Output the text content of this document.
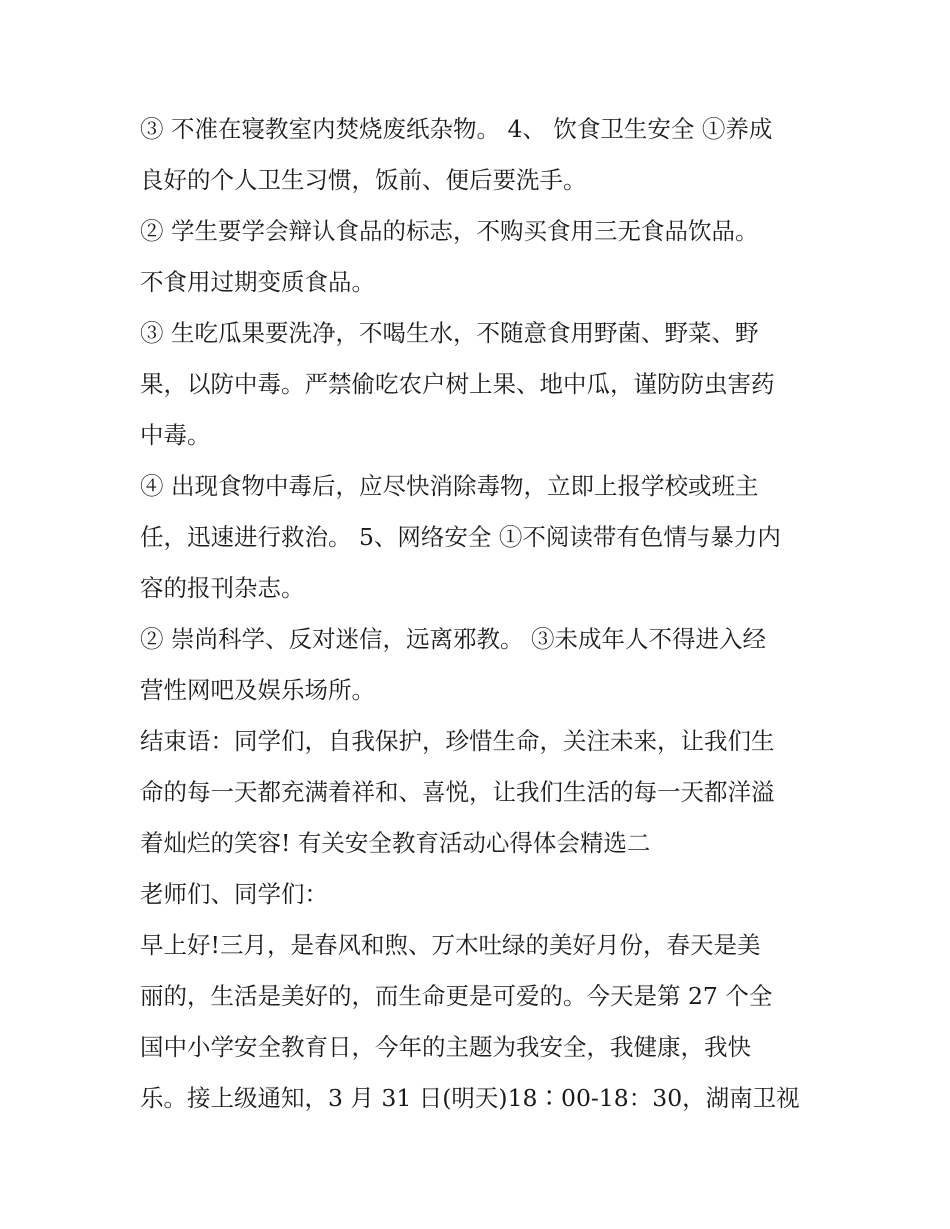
③ 不准在寝教室内焚烧废纸杂物。 4、 饮食卫生安全 ①养成
良好的个人卫生习惯，饭前、便后要洗手。
② 学生要学会辩认食品的标志，不购买食用三无食品饮品。
不食用过期变质食品。
③ 生吃瓜果要洗净，不喝生水，不随意食用野菌、野菜、野
果，以防中毒。严禁偷吃农户树上果、地中瓜，谨防防虫害药
中毒。
④ 出现食物中毒后，应尽快消除毒物，立即上报学校或班主
任，迅速进行救治。 5、网络安全 ①不阅读带有色情与暴力内
容的报刊杂志。
② 崇尚科学、反对迷信，远离邪教。 ③未成年人不得进入经
营性网吧及娱乐场所。
结束语：同学们，自我保护，珍惜生命，关注未来，让我们生
命的每一天都充满着祥和、喜悦，让我们生活的每一天都洋溢
着灿烂的笑容! 有关安全教育活动心得体会精选二
老师们、同学们：
早上好!三月，是春风和煦、万木吐绿的美好月份，春天是美
丽的，生活是美好的，而生命更是可爱的。今天是第 27 个全
国中小学安全教育日，今年的主题为我安全，我健康，我快
乐。接上级通知，3 月 31 日(明天)18∶00-18：30，湖南卫视
